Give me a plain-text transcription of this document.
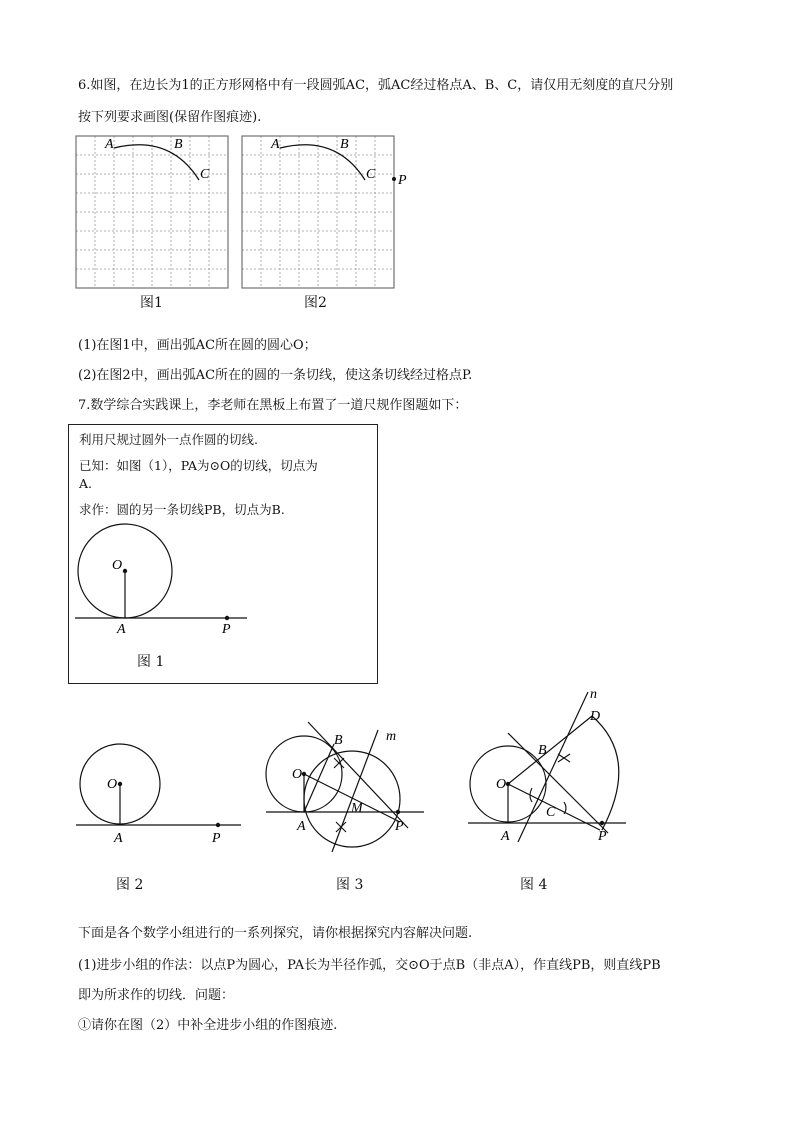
6.如图，在边长为1的正方形网格中有一段圆弧AC，弧AC经过格点A、B、C，请仅用无刻度的直尺分别
按下列要求画图(保留作图痕迹).
A	B
C
图1
A	B
C P
图2
(1)在图1中，画出弧AC所在圆的圆心O；
(2)在图2中，画出弧AC所在的圆的一条切线，使这条切线经过格点P.
7.数学综合实践课上，李老师在黑板上布置了一道尺规作图题如下：
利用尺规过圆外一点作圆的切线.
已知：如图（1），PA为⊙O的切线，切点为
A.
求作：圆的另一条切线PB，切点为B.
O
A	P
图 1
O
A	P
图 2
O
A	P
B	m
M
图 3
O
A	P
B
n
D
C
图 4
下面是各个数学小组进行的一系列探究，请你根据探究内容解决问题.
(1)进步小组的作法：以点P为圆心，PA长为半径作弧，交⊙O于点B（非点A），作直线PB，则直线PB
即为所求作的切线．问题：
①请你在图（2）中补全进步小组的作图痕迹.
